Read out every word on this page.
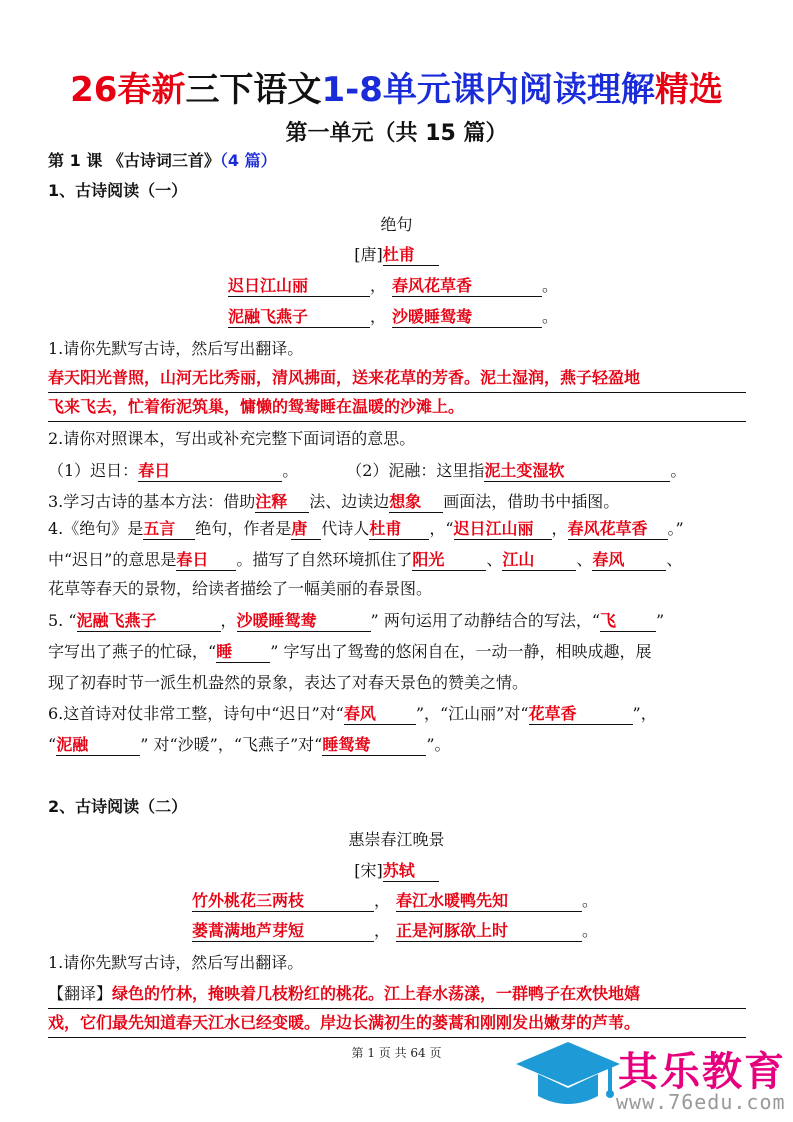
26春新三下语文1-8单元课内阅读理解精选
第一单元（共 15 篇）
第 1 课 《古诗词三首》（4 篇）
1、古诗阅读（一）
绝句
[唐]杜甫
迟日江山丽	， 春风花草香	。
泥融飞燕子	， 沙暖睡鸳鸯	。
1.请你先默写古诗，然后写出翻译。
春天阳光普照，山河无比秀丽，清风拂面，送来花草的芳香。泥土湿润，燕子轻盈地
飞来飞去，忙着衔泥筑巢，慵懒的鸳鸯睡在温暖的沙滩上。
2.请你对照课本，写出或补充完整下面词语的意思。
（1）迟日：春日	。	（2）泥融：这里指泥土变湿软	。
3.学习古诗的基本方法：借助注释 法、边读边想象 画面法，借助书中插图。
4.《绝句》是五言 绝句，作者是唐 代诗人杜甫 ，“迟日江山丽 ，春风花草香 。”
中“迟日”的意思是春日 。描写了自然环境抓住了阳光	、江山	、春风	、
花草等春天的景物，给读者描绘了一幅美丽的春景图。
5. “泥融飞燕子	，沙暖睡鸳鸯	” 两句运用了动静结合的写法，“飞 ”
字写出了燕子的忙碌，“睡 ” 字写出了鸳鸯的悠闲自在，一动一静，相映成趣，展
现了初春时节一派生机盎然的景象，表达了对春天景色的赞美之情。
6.这首诗对仗非常工整，诗句中“迟日”对“春风 ”，“江山丽”对“花草香	”，
“泥融	” 对“沙暖”，“飞燕子”对“睡鸳鸯	”。
2、古诗阅读（二）
惠崇春江晚景
[宋]苏轼
竹外桃花三两枝	， 春江水暖鸭先知	。
蒌蒿满地芦芽短	， 正是河豚欲上时	。
1.请你先默写古诗，然后写出翻译。
【翻译】绿色的竹林，掩映着几枝粉红的桃花。江上春水荡漾，一群鸭子在欢快地嬉
戏，它们最先知道春天江水已经变暖。岸边长满初生的蒌蒿和刚刚发出嫩芽的芦苇。
第 1 页 共 64 页	其乐教育
www.76edu.com
